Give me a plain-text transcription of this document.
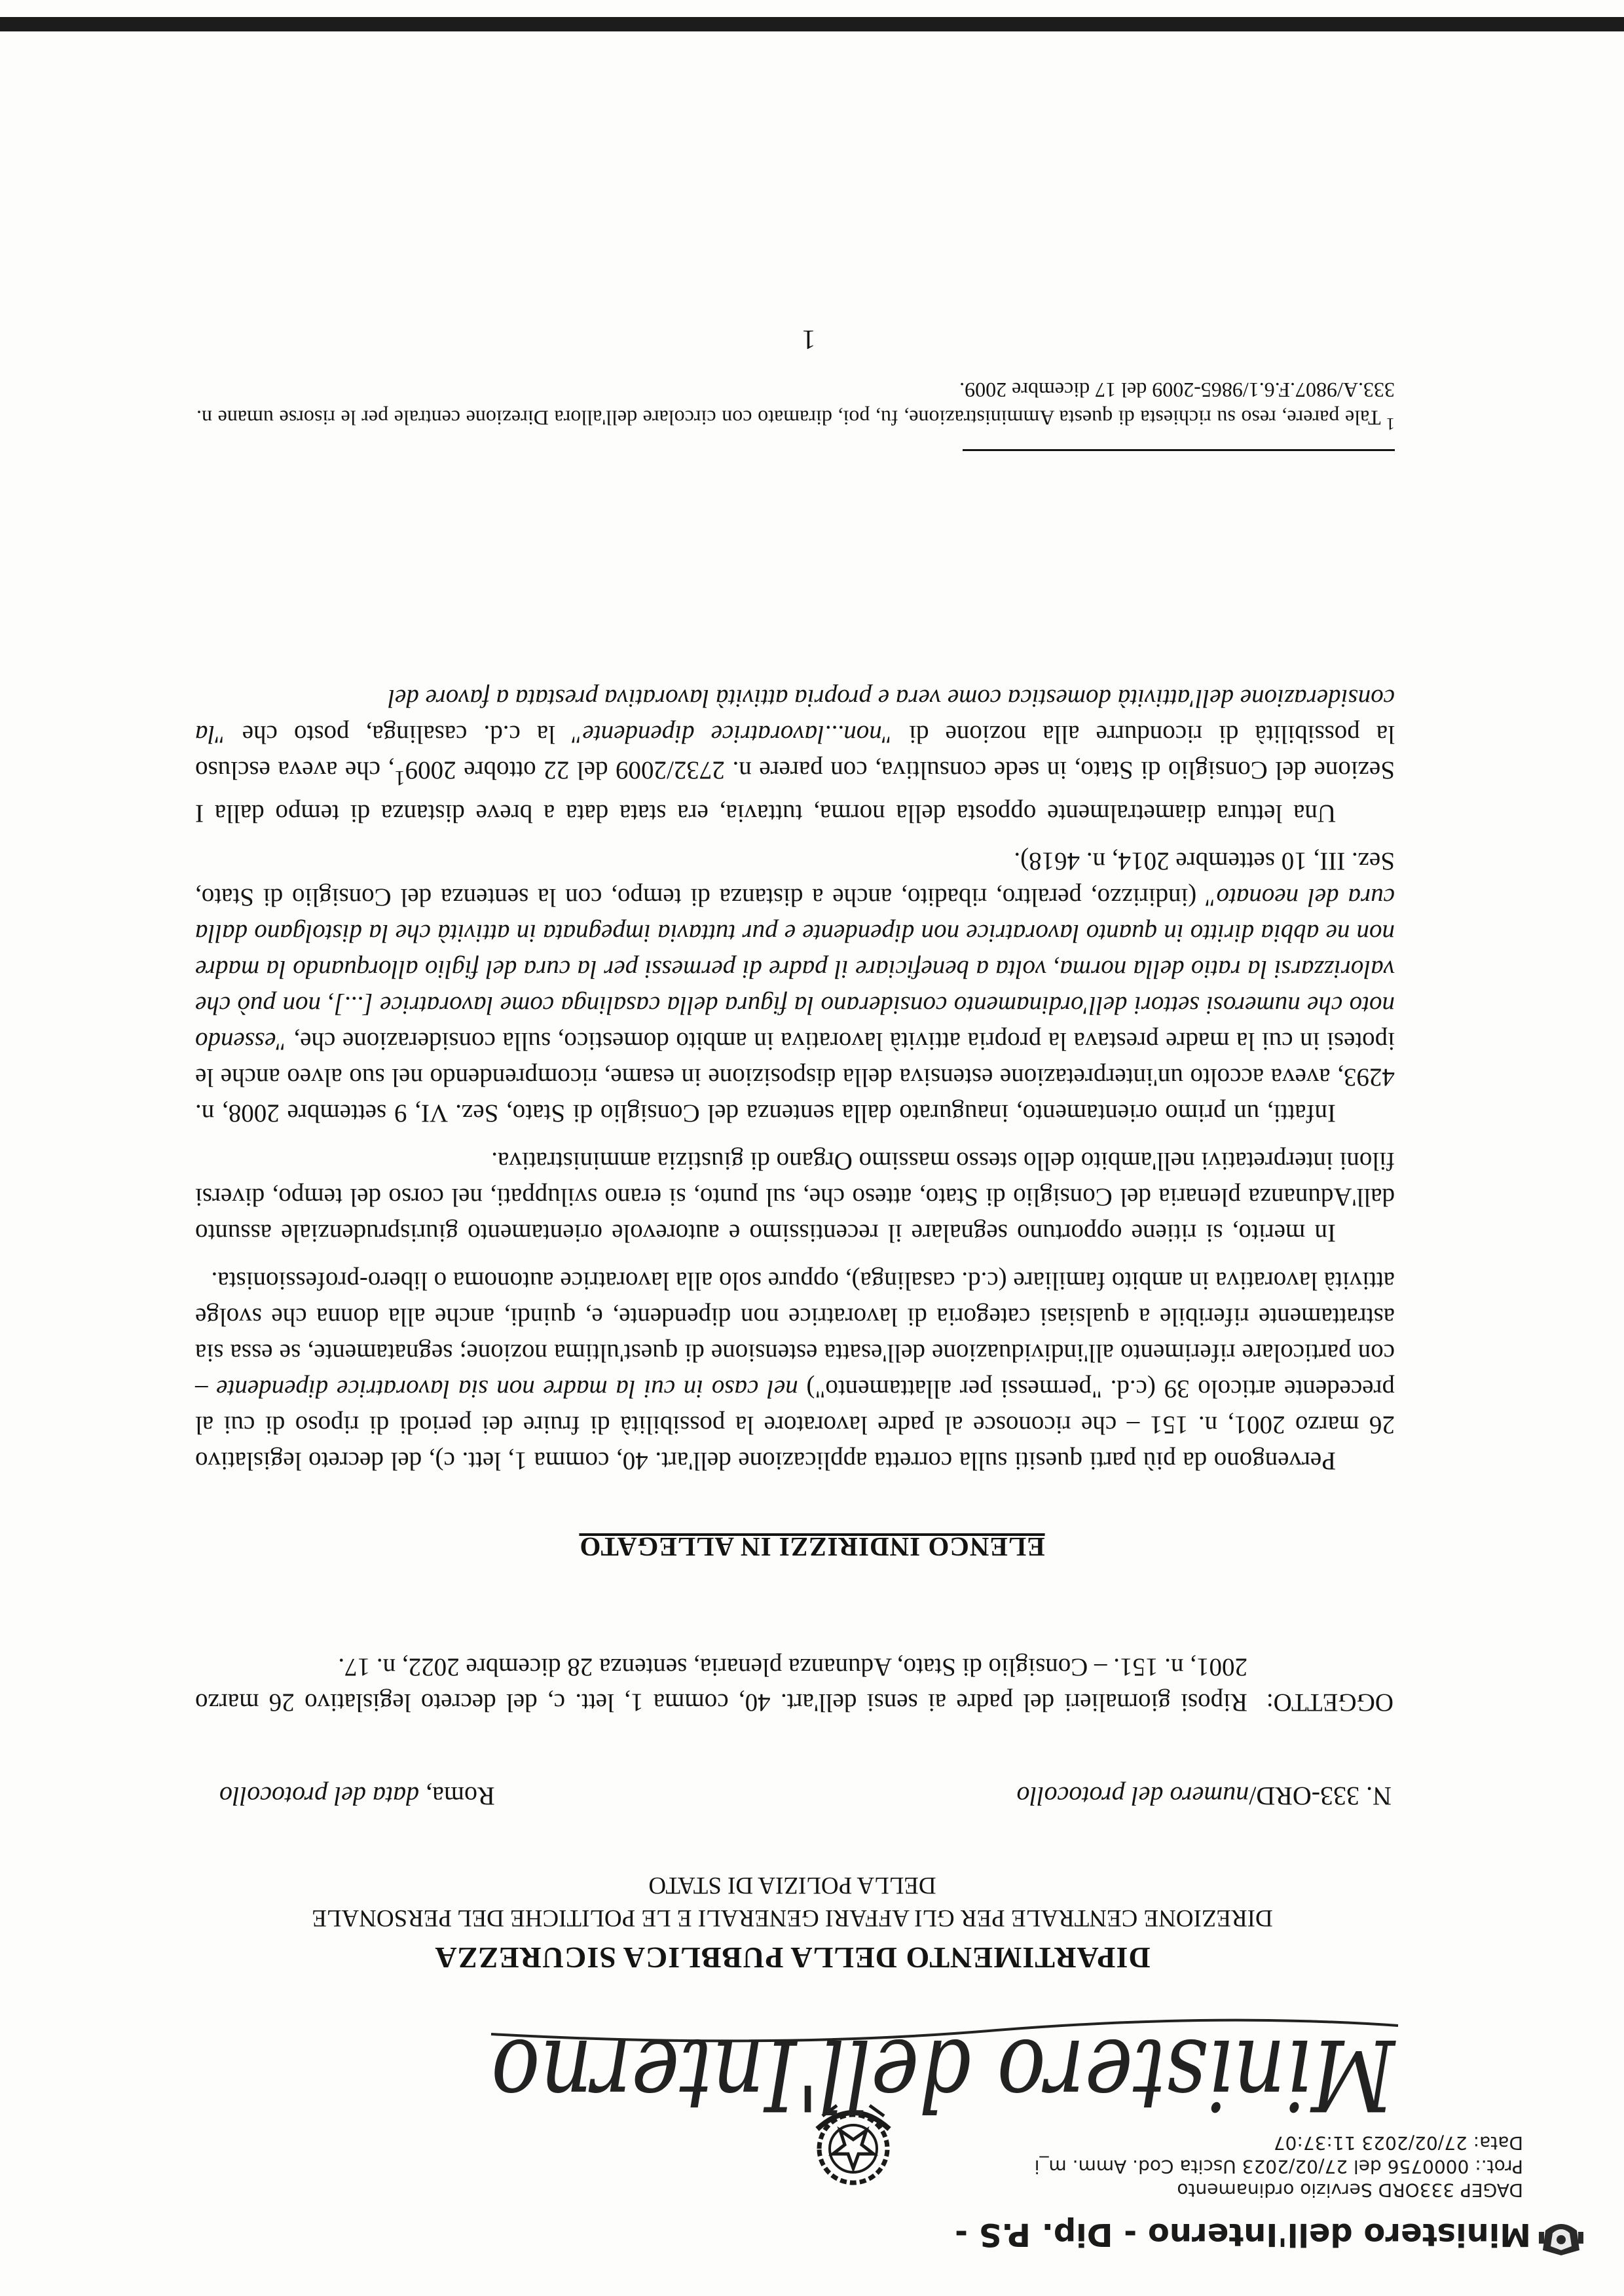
Ministero dell'Interno - Dip. P.S -
DAGEP 333ORD Servizio ordinamento
Prot.: 0000756 del 27/02/2023 Uscita Cod. Amm. m_i
Data: 27/02/2023 11:37:07
Ministero dell'Interno
DIPARTIMENTO DELLA PUBBLICA SICUREZZA
DIREZIONE CENTRALE PER GLI AFFARI GENERALI E LE POLITICHE DEL PERSONALE
DELLA POLIZIA DI STATO
N. 333-ORD/numero del protocollo
Roma, data del protocollo
OGGETTO:
Riposi giornalieri del padre ai sensi dell'art. 40, comma 1, lett. c, del decreto legislativo 26 marzo 2001, n. 151. – Consiglio di Stato, Adunanza plenaria, sentenza 28 dicembre 2022, n. 17.
ELENCO INDIRIZZI IN ALLEGATO

Pervengono da più parti quesiti sulla corretta applicazione dell'art. 40, comma 1, lett. c), del decreto legislativo 26 marzo 2001, n. 151 – che riconosce al padre lavoratore la possibilità di fruire dei periodi di riposo di cui al precedente articolo 39 (c.d. "permessi per allattamento") nel caso in cui la madre non sia lavoratrice dipendente – con particolare riferimento all'individuazione dell'esatta estensione di quest'ultima nozione; segnatamente, se essa sia astrattamente riferibile a qualsiasi categoria di lavoratrice non dipendente, e, quindi, anche alla donna che svolge attività lavorativa in ambito familiare (c.d. casalinga), oppure solo alla lavoratrice autonoma o libero-professionista.

In merito, si ritiene opportuno segnalare il recentissimo e autorevole orientamento giurisprudenziale assunto dall'Adunanza plenaria del Consiglio di Stato, atteso che, sul punto, si erano sviluppati, nel corso del tempo, diversi filoni interpretativi nell'ambito dello stesso massimo Organo di giustizia amministrativa.

Infatti, un primo orientamento, inaugurato dalla sentenza del Consiglio di Stato, Sez. VI, 9 settembre 2008, n. 4293, aveva accolto un'interpretazione estensiva della disposizione in esame, ricomprendendo nel suo alveo anche le ipotesi in cui la madre prestava la propria attività lavorativa in ambito domestico, sulla considerazione che, "essendo noto che numerosi settori dell'ordinamento considerano la figura della casalinga come lavoratrice [...], non può che valorizzarsi la ratio della norma, volta a beneficiare il padre di permessi per la cura del figlio allorquando la madre non ne abbia diritto in quanto lavoratrice non dipendente e pur tuttavia impegnata in attività che la distolgano dalla cura del neonato" (indirizzo, peraltro, ribadito, anche a distanza di tempo, con la sentenza del Consiglio di Stato, Sez. III, 10 settembre 2014, n. 4618).

Una lettura diametralmente opposta della norma, tuttavia, era stata data a breve distanza di tempo dalla I Sezione del Consiglio di Stato, in sede consultiva, con parere n. 2732/2009 del 22 ottobre 2009$^1$, che aveva escluso la possibilità di ricondurre alla nozione di "non...lavoratrice dipendente" la c.d. casalinga, posto che "la considerazione dell'attività domestica come vera e propria attività lavorativa prestata a favore del

$^1$ Tale parere, reso su richiesta di questa Amministrazione, fu, poi, diramato con circolare dell'allora Direzione centrale per le risorse umane n. 333.A/9807.F.6.1/9865-2009 del 17 dicembre 2009.
1
